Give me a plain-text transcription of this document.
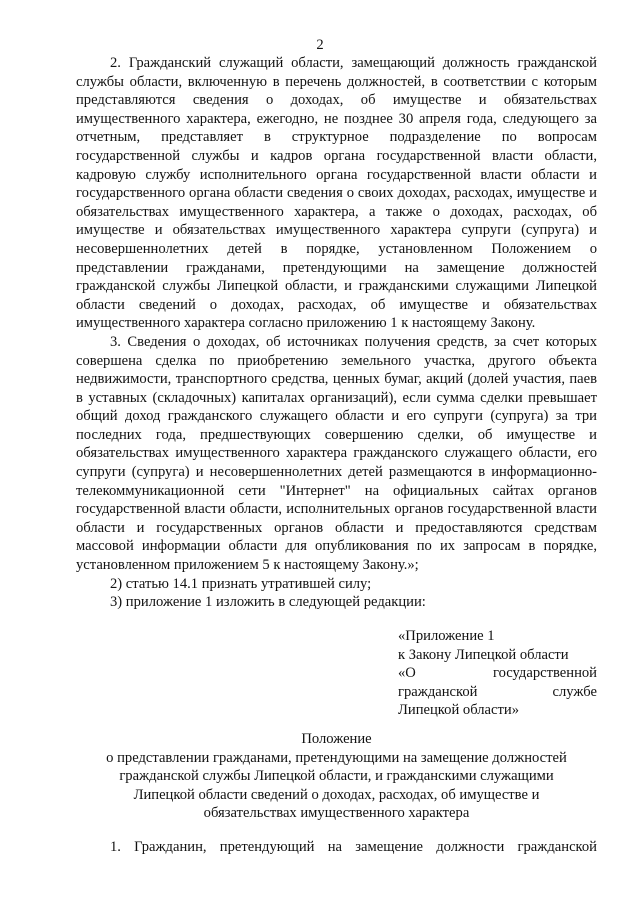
2

2. Гражданский служащий области, замещающий должность гражданской службы области, включенную в перечень должностей, в соответствии с которым представляются сведения о доходах, об имуществе и обязательствах имущественного характера, ежегодно, не позднее 30 апреля года, следующего за отчетным, представляет в структурное подразделение по вопросам государственной службы и кадров органа государственной власти области, кадровую службу исполнительного органа государственной власти области и государственного органа области сведения о своих доходах, расходах, имуществе и обязательствах имущественного характера, а также о доходах, расходах, об имуществе и обязательствах имущественного характера супруги (супруга) и несовершеннолетних детей в порядке, установленном Положением о представлении гражданами, претендующими на замещение должностей гражданской службы Липецкой области, и гражданскими служащими Липецкой области сведений о доходах, расходах, об имуществе и обязательствах имущественного характера согласно приложению 1 к настоящему Закону.

3. Сведения о доходах, об источниках получения средств, за счет которых совершена сделка по приобретению земельного участка, другого объекта недвижимости, транспортного средства, ценных бумаг, акций (долей участия, паев в уставных (складочных) капиталах организаций), если сумма сделки превышает общий доход гражданского служащего области и его супруги (супруга) за три последних года, предшествующих совершению сделки, об имуществе и обязательствах имущественного характера гражданского служащего области, его супруги (супруга) и несовершеннолетних детей размещаются в информационно-телекоммуникационной сети "Интернет" на официальных сайтах органов государственной власти области, исполнительных органов государственной власти области и государственных органов области и предоставляются средствам массовой информации области для опубликования по их запросам в порядке, установленном приложением 5 к настоящему Закону.»;

2) статью 14.1 признать утратившей силу;

3) приложение 1 изложить в следующей редакции:

«Приложение 1
к Закону Липецкой области
«О государственной
гражданской службе
Липецкой области»
Положение
о представлении гражданами, претендующими на замещение должностей
гражданской службы Липецкой области, и гражданскими служащими
Липецкой области сведений о доходах, расходах, об имуществе и
обязательствах имущественного характера

1. Гражданин, претендующий на замещение должности гражданской
